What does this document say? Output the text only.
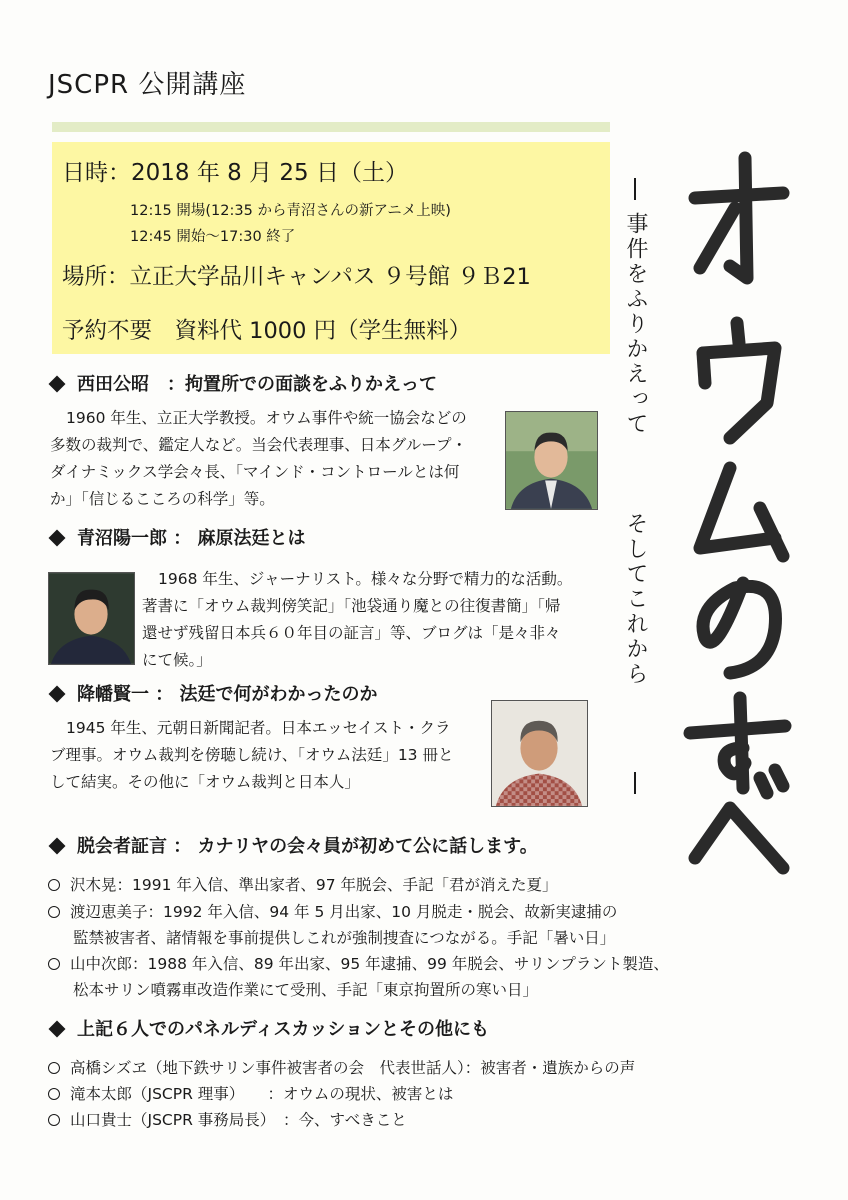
JSCPR 公開講座
日時：2018 年 8 月 25 日（土）
12:15 開場(12:35 から青沼さんの新アニメ上映)
12:45 開始～17:30 終了
場所：立正大学品川キャンパス ９号館 ９Ｂ21
予約不要　資料代 1000 円（学生無料）	事件をふりかえって
そしてこれから
西田公昭　：拘置所での面談をふりかえって
1960 年生、立正大学教授。オウム事件や統一協会などの
多数の裁判で、鑑定人など。当会代表理事、日本グループ・
ダイナミックス学会々長、「マインド・コントロールとは何
か」「信じるこころの科学」等。
青沼陽一郎 ： 麻原法廷とは
1968 年生、ジャーナリスト。様々な分野で精力的な活動。
著書に「オウム裁判傍笑記」「池袋通り魔との往復書簡」「帰
還せず残留日本兵６０年目の証言」等、ブログは「是々非々
にて候。」
降幡賢一 ： 法廷で何がわかったのか
1945 年生、元朝日新聞記者。日本エッセイスト・クラ
ブ理事。オウム裁判を傍聴し続け、「オウム法廷」13 冊と
して結実。その他に「オウム裁判と日本人」
脱会者証言 ： カナリヤの会々員が初めて公に話します。
沢木晃：1991 年入信、準出家者、97 年脱会、手記「君が消えた夏」
渡辺恵美子：1992 年入信、94 年 5 月出家、10 月脱走・脱会、故新実逮捕の
監禁被害者、諸情報を事前提供しこれが強制捜査につながる。手記「暑い日」
山中次郎：1988 年入信、89 年出家、95 年逮捕、99 年脱会、サリンプラント製造、
松本サリン噴霧車改造作業にて受刑、手記「東京拘置所の寒い日」
上記６人でのパネルディスカッションとその他にも
高橋シズヱ（地下鉄サリン事件被害者の会　代表世話人）：被害者・遺族からの声
滝本太郎（JSCPR 理事）　　：オウムの現状、被害とは
山口貴士（JSCPR 事務局長）　：今、すべきこと
